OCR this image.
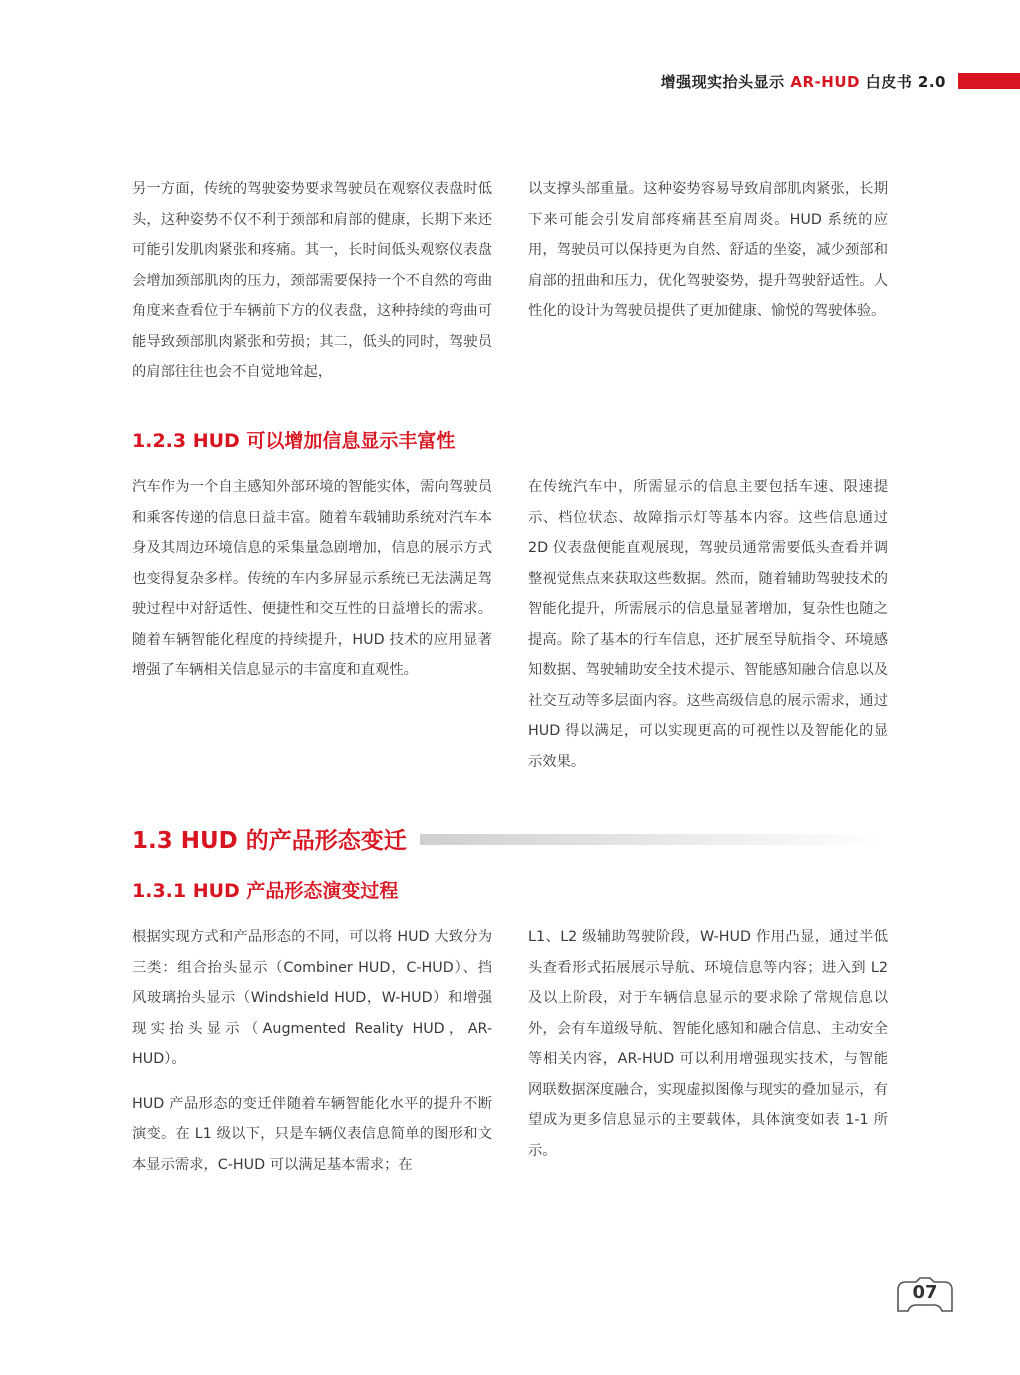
增强现实抬头显示 AR-HUD 白皮书 2.0

另一方面，传统的驾驶姿势要求驾驶员在观察仪表盘时低头，这种姿势不仅不利于颈部和肩部的健康，长期下来还可能引发肌肉紧张和疼痛。其一，长时间低头观察仪表盘会增加颈部肌肉的压力，颈部需要保持一个不自然的弯曲角度来查看位于车辆前下方的仪表盘，这种持续的弯曲可能导致颈部肌肉紧张和劳损；其二，低头的同时，驾驶员的肩部往往也会不自觉地耸起，

以支撑头部重量。这种姿势容易导致肩部肌肉紧张，长期下来可能会引发肩部疼痛甚至肩周炎。HUD 系统的应用，驾驶员可以保持更为自然、舒适的坐姿，减少颈部和肩部的扭曲和压力，优化驾驶姿势，提升驾驶舒适性。人性化的设计为驾驶员提供了更加健康、愉悦的驾驶体验。

1.2.3 HUD 可以增加信息显示丰富性

汽车作为一个自主感知外部环境的智能实体，需向驾驶员和乘客传递的信息日益丰富。随着车载辅助系统对汽车本身及其周边环境信息的采集量急剧增加，信息的展示方式也变得复杂多样。传统的车内多屏显示系统已无法满足驾驶过程中对舒适性、便捷性和交互性的日益增长的需求。随着车辆智能化程度的持续提升，HUD 技术的应用显著增强了车辆相关信息显示的丰富度和直观性。

在传统汽车中，所需显示的信息主要包括车速、限速提示、档位状态、故障指示灯等基本内容。这些信息通过 2D 仪表盘便能直观展现，驾驶员通常需要低头查看并调整视觉焦点来获取这些数据。然而，随着辅助驾驶技术的智能化提升，所需展示的信息量显著增加，复杂性也随之提高。除了基本的行车信息，还扩展至导航指令、环境感知数据、驾驶辅助安全技术提示、智能感知融合信息以及社交互动等多层面内容。这些高级信息的展示需求，通过 HUD 得以满足，可以实现更高的可视性以及智能化的显示效果。

1.3 HUD 的产品形态变迁
1.3.1 HUD 产品形态演变过程

根据实现方式和产品形态的不同，可以将 HUD 大致分为三类：组合抬头显示（Combiner HUD，C-HUD）、挡风玻璃抬头显示（Windshield HUD，W-HUD）和增强现实抬头显示（Augmented Reality HUD，AR-HUD）。

HUD 产品形态的变迁伴随着车辆智能化水平的提升不断演变。在 L1 级以下，只是车辆仪表信息简单的图形和文本显示需求，C-HUD 可以满足基本需求；在

L1、L2 级辅助驾驶阶段，W-HUD 作用凸显，通过半低头查看形式拓展展示导航、环境信息等内容；进入到 L2 及以上阶段，对于车辆信息显示的要求除了常规信息以外，会有车道级导航、智能化感知和融合信息、主动安全等相关内容，AR-HUD 可以利用增强现实技术，与智能网联数据深度融合，实现虚拟图像与现实的叠加显示，有望成为更多信息显示的主要载体，具体演变如表 1-1 所示。

07
